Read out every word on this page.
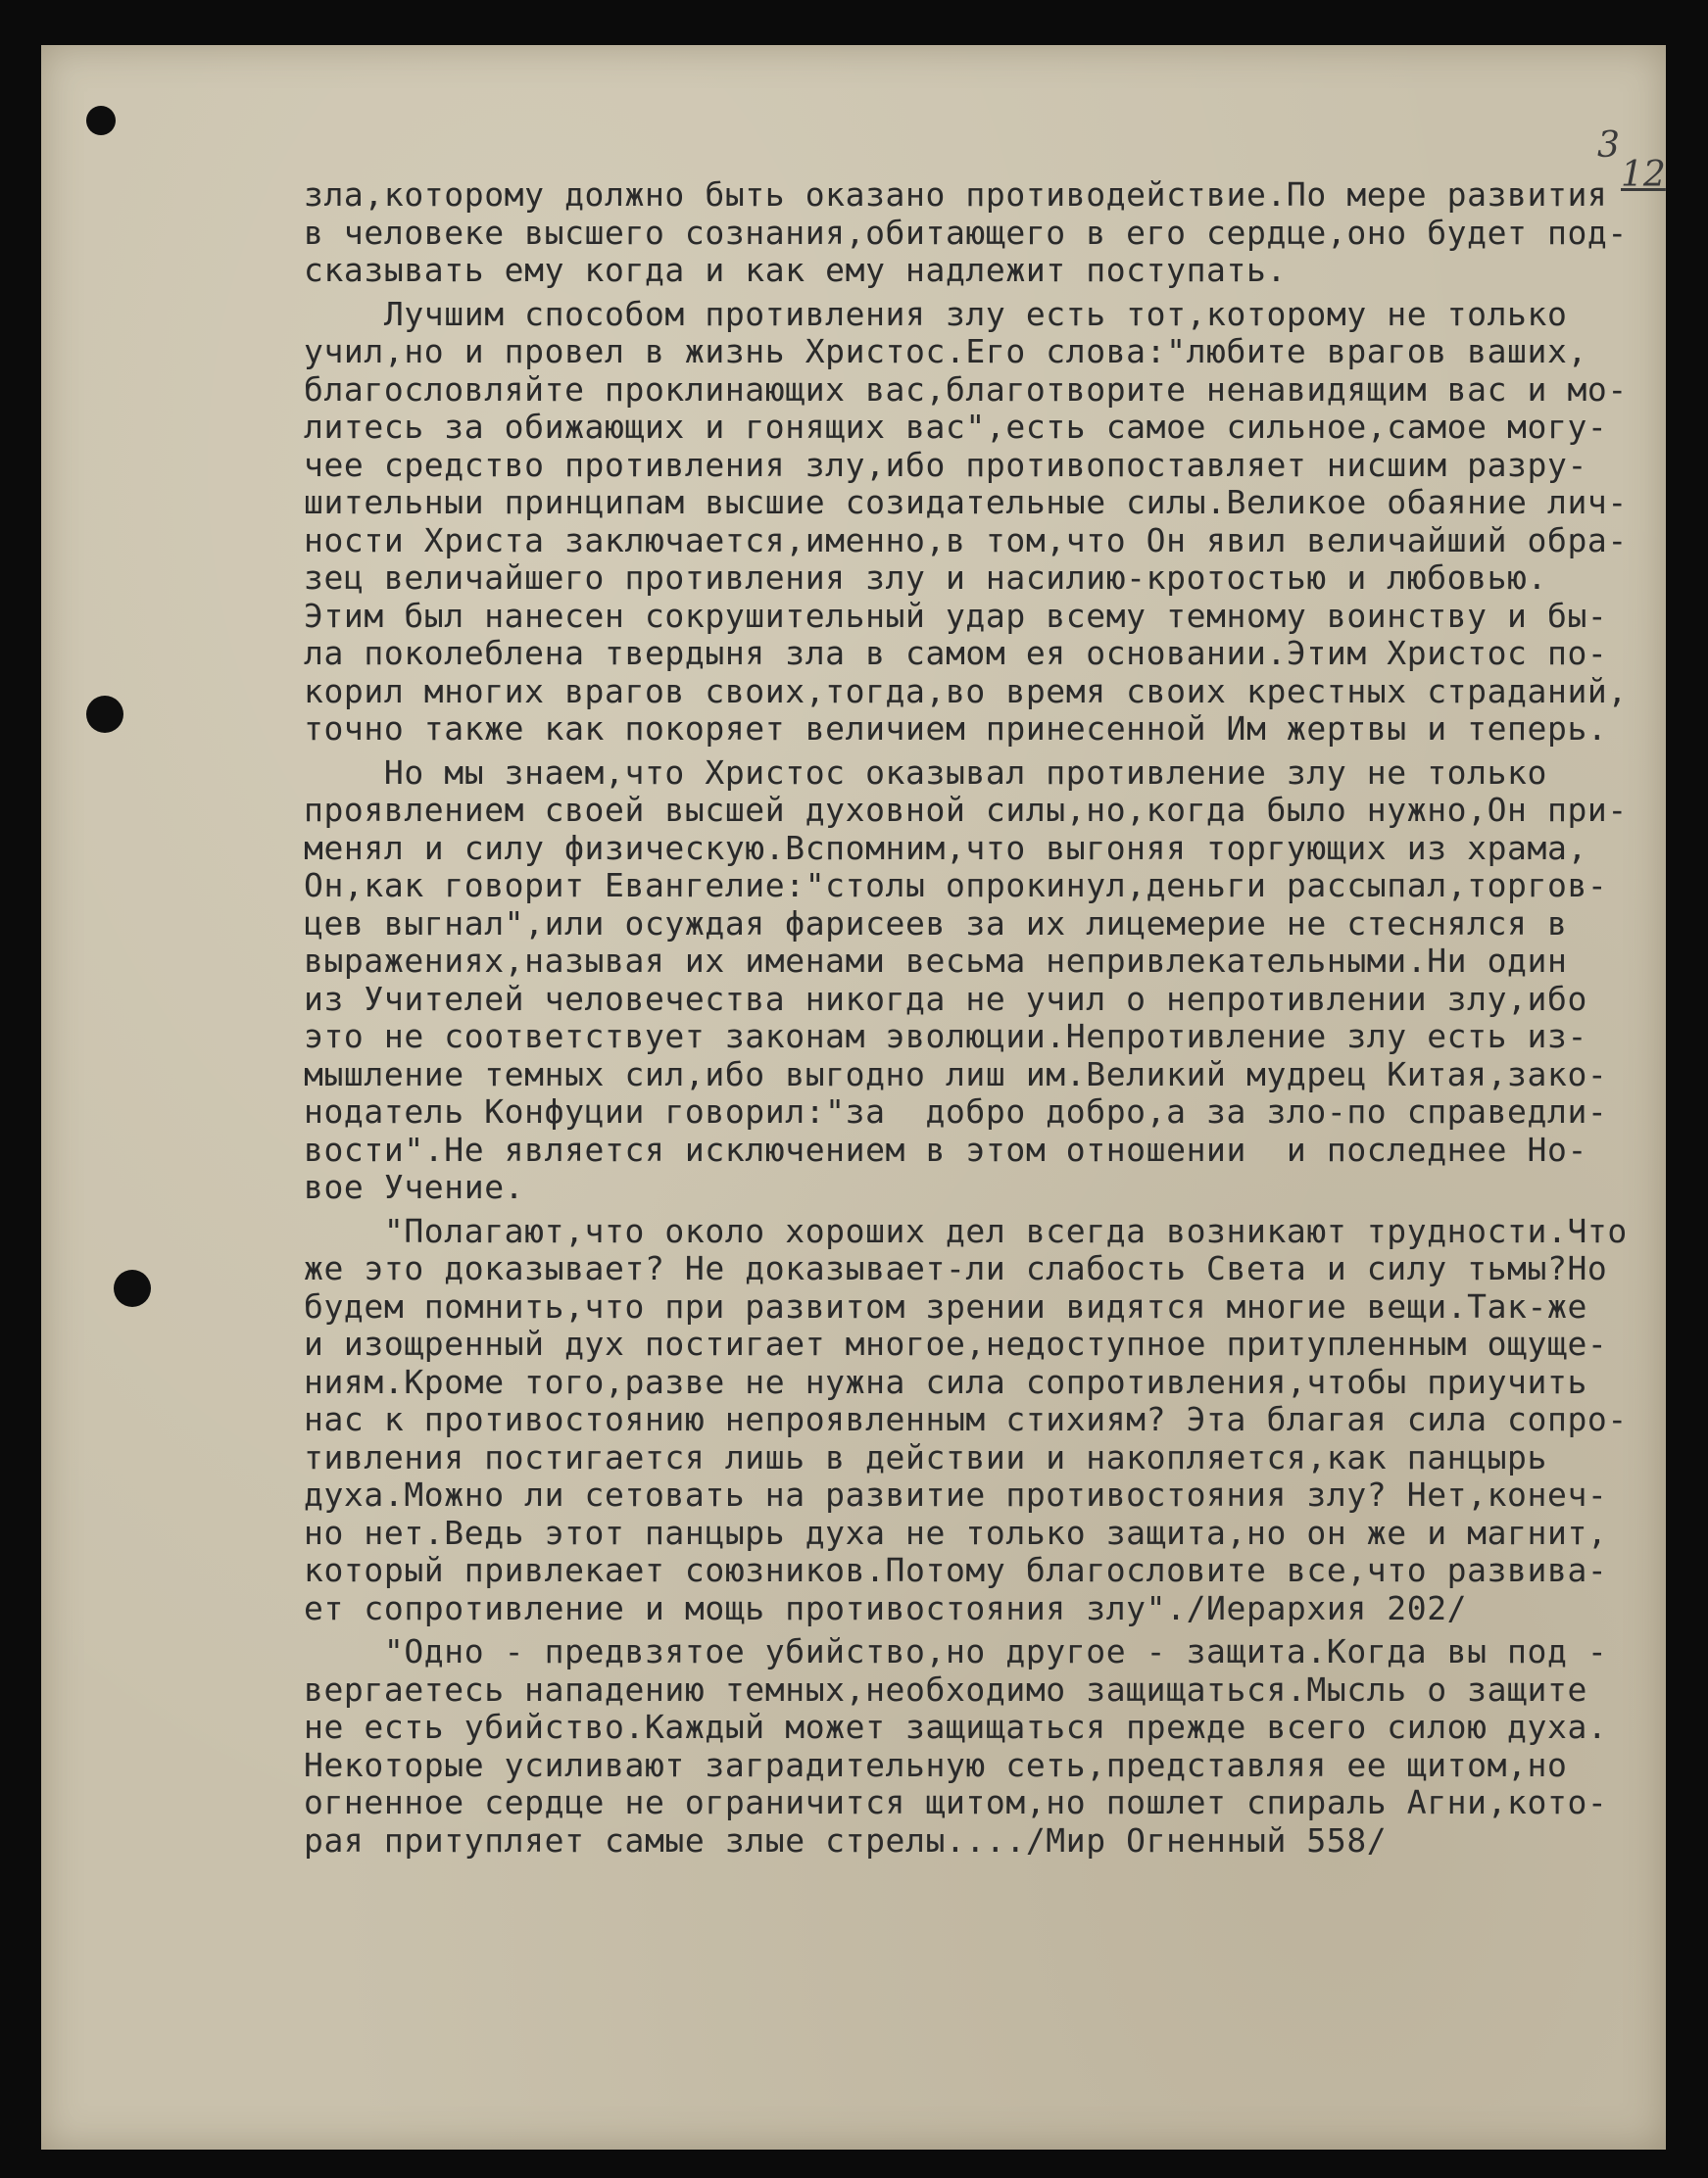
3
12
зла,которому должно быть оказано противодействие.По мере развития
в человеке высшего сознания,обитающего в его сердце,оно будет под-
сказывать ему когда и как ему надлежит поступать.
Лучшим способом противления злу есть тот,которому не только
учил,но и провел в жизнь Христос.Его слова:"любите врагов ваших,
благословляйте проклинающих вас,благотворите ненавидящим вас и мо-
литесь за обижающих и гонящих вас",есть самое сильное,самое могу-
чее средство противления злу,ибо противопоставляет нисшим разру-
шительныи принципам высшие созидательные силы.Великое обаяние лич-
ности Христа заключается,именно,в том,что Он явил величайший обра-
зец величайшего противления злу и насилию-кротостью и любовью.
Этим был нанесен сокрушительный удар всему темному воинству и бы-
ла поколеблена твердыня зла в самом ея основании.Этим Христос по-
корил многих врагов своих,тогда,во время своих крестных страданий,
точно также как покоряет величием принесенной Им жертвы и теперь.
Но мы знаем,что Христос оказывал противление злу не только
проявлением своей высшей духовной силы,но,когда было нужно,Он при-
менял и силу физическую.Вспомним,что выгоняя торгующих из храма,
Он,как говорит Евангелие:"столы опрокинул,деньги рассыпал,торгов-
цев выгнал",или осуждая фарисеев за их лицемерие не стеснялся в
выражениях,называя их именами весьма непривлекательными.Ни один
из Учителей человечества никогда не учил о непротивлении злу,ибо
это не соответствует законам эволюции.Непротивление злу есть из-
мышление темных сил,ибо выгодно лиш им.Великий мудрец Китая,зако-
нодатель Конфуции говорил:"за  добро добро,а за зло-по справедли-
вости".Не является исключением в этом отношении  и последнее Но-
вое Учение.
"Полагают,что около хороших дел всегда возникают трудности.Что
же это доказывает? Не доказывает-ли слабость Света и силу тьмы?Но
будем помнить,что при развитом зрении видятся многие вещи.Так-же
и изощренный дух постигает многое,недоступное притупленным ощуще-
ниям.Кроме того,разве не нужна сила сопротивления,чтобы приучить
нас к противостоянию непроявленным стихиям? Эта благая сила сопро-
тивления постигается лишь в действии и накопляется,как панцырь
духа.Можно ли сетовать на развитие противостояния злу? Нет,конеч-
но нет.Ведь этот панцырь духа не только защита,но он же и магнит,
который привлекает союзников.Потому благословите все,что развива-
ет сопротивление и мощь противостояния злу"./Иерархия 202/
"Одно - предвзятое убийство,но другое - защита.Когда вы под -
вергаетесь нападению темных,необходимо защищаться.Мысль о защите
не есть убийство.Каждый может защищаться прежде всего силою духа.
Некоторые усиливают заградительную сеть,представляя ее щитом,но
огненное сердце не ограничится щитом,но пошлет спираль Агни,кото-
рая притупляет самые злые стрелы..../Мир Огненный 558/
